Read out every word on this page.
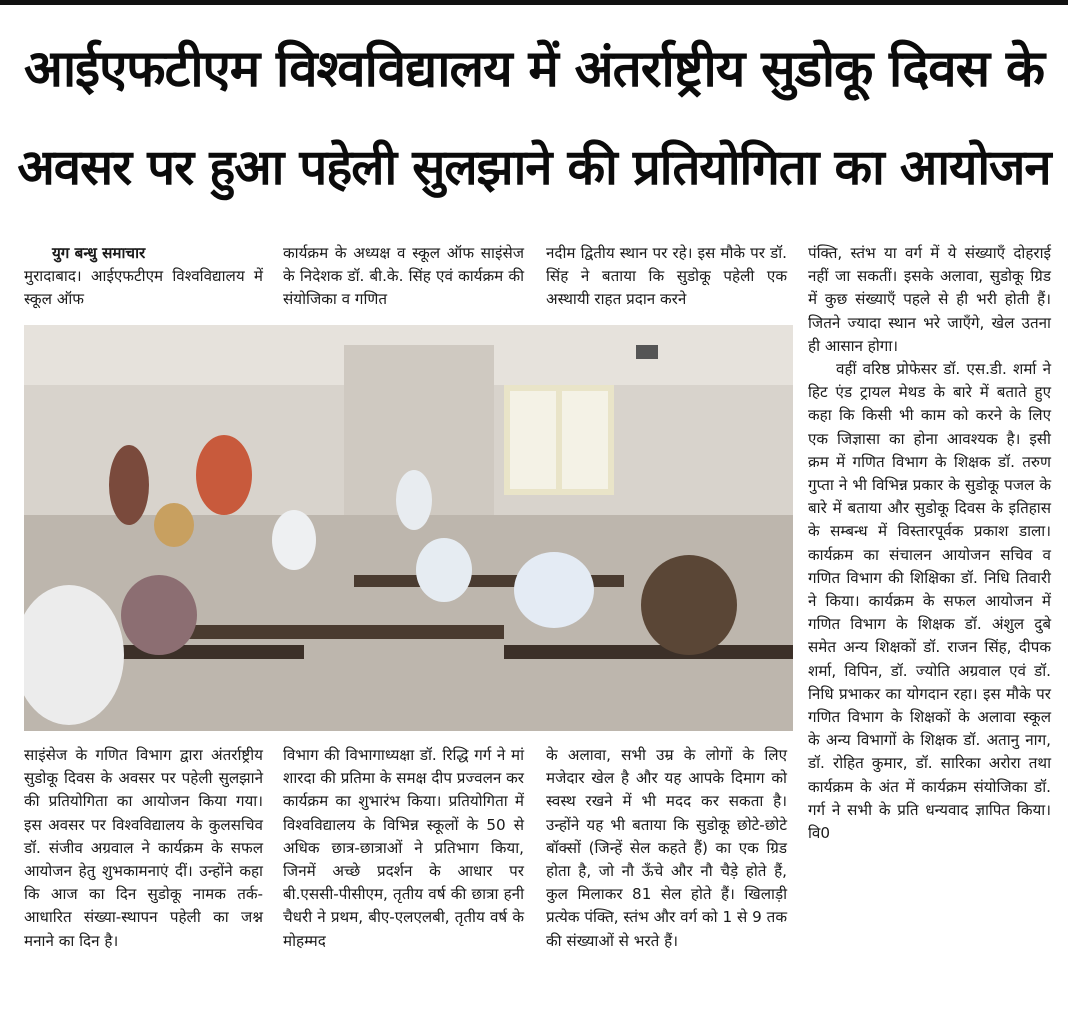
आईएफटीएम विश्वविद्यालय में अंतर्राष्ट्रीय सुडोकू दिवस के
अवसर पर हुआ पहेली सुलझाने की प्रतियोगिता का आयोजन

युग बन्धु समाचार

मुरादाबाद। आईएफटीएम विश्वविद्यालय में स्कूल ऑफ

कार्यक्रम के अध्यक्ष व स्कूल ऑफ साइंसेज के निदेशक डॉ. बी.के. सिंह एवं कार्यक्रम की संयोजिका व गणित
नदीम द्वितीय स्थान पर रहे। इस मौके पर डॉ. सिंह ने बताया कि सुडोकू पहेली एक अस्थायी राहत प्रदान करने
साइंसेज के गणित विभाग द्वारा अंतर्राष्ट्रीय सुडोकू दिवस के अवसर पर पहेली सुलझाने की प्रतियोगिता का आयोजन किया गया। इस अवसर पर विश्वविद्यालय के कुलसचिव डॉ. संजीव अग्रवाल ने कार्यक्रम के सफल आयोजन हेतु शुभकामनाएं दीं। उन्होंने कहा कि आज का दिन सुडोकू नामक तर्क-आधारित संख्या-स्थापन पहेली का जश्न मनाने का दिन है।
विभाग की विभागाध्यक्षा डॉ. रिद्धि गर्ग ने मां शारदा की प्रतिमा के समक्ष दीप प्रज्वलन कर कार्यक्रम का शुभारंभ किया। प्रतियोगिता में विश्वविद्यालय के विभिन्न स्कूलों के 50 से अधिक छात्र-छात्राओं ने प्रतिभाग किया, जिनमें अच्छे प्रदर्शन के आधार पर बी.एससी-पीसीएम, तृतीय वर्ष की छात्रा हनी चैधरी ने प्रथम, बीए-एलएलबी, तृतीय वर्ष के मोहम्मद
के अलावा, सभी उम्र के लोगों के लिए मजेदार खेल है और यह आपके दिमाग को स्वस्थ रखने में भी मदद कर सकता है। उन्होंने यह भी बताया कि सुडोकू छोटे-छोटे बॉक्सों (जिन्हें सेल कहते हैं) का एक ग्रिड होता है, जो नौ ऊँचे और नौ चैड़े होते हैं, कुल मिलाकर 81 सेल होते हैं। खिलाड़ी प्रत्येक पंक्ति, स्तंभ और वर्ग को 1 से 9 तक की संख्याओं से भरते हैं।

पंक्ति, स्तंभ या वर्ग में ये संख्याएँ दोहराई नहीं जा सकतीं। इसके अलावा, सुडोकू ग्रिड में कुछ संख्याएँ पहले से ही भरी होती हैं। जितने ज्यादा स्थान भरे जाएँगे, खेल उतना ही आसान होगा।

वहीं वरिष्ठ प्रोफेसर डॉ. एस.डी. शर्मा ने हिट एंड ट्रायल मेथड के बारे में बताते हुए कहा कि किसी भी काम को करने के लिए एक जिज्ञासा का होना आवश्यक है। इसी क्रम में गणित विभाग के शिक्षक डॉ. तरुण गुप्ता ने भी विभिन्न प्रकार के सुडोकू पजल के बारे में बताया और सुडोकू दिवस के इतिहास के सम्बन्ध में विस्तारपूर्वक प्रकाश डाला। कार्यक्रम का संचालन आयोजन सचिव व गणित विभाग की शिक्षिका डॉ. निधि तिवारी ने किया। कार्यक्रम के सफल आयोजन में गणित विभाग के शिक्षक डॉ. अंशुल दुबे समेत अन्य शिक्षकों डॉ. राजन सिंह, दीपक शर्मा, विपिन, डॉ. ज्योति अग्रवाल एवं डॉ. निधि प्रभाकर का योगदान रहा। इस मौके पर गणित विभाग के शिक्षकों के अलावा स्कूल के अन्य विभागों के शिक्षक डॉ. अतानु नाग, डॉ. रोहित कुमार, डॉ. सारिका अरोरा तथा कार्यक्रम के अंत में कार्यक्रम संयोजिका डॉ. गर्ग ने सभी के प्रति धन्यवाद ज्ञापित किया। वि0
